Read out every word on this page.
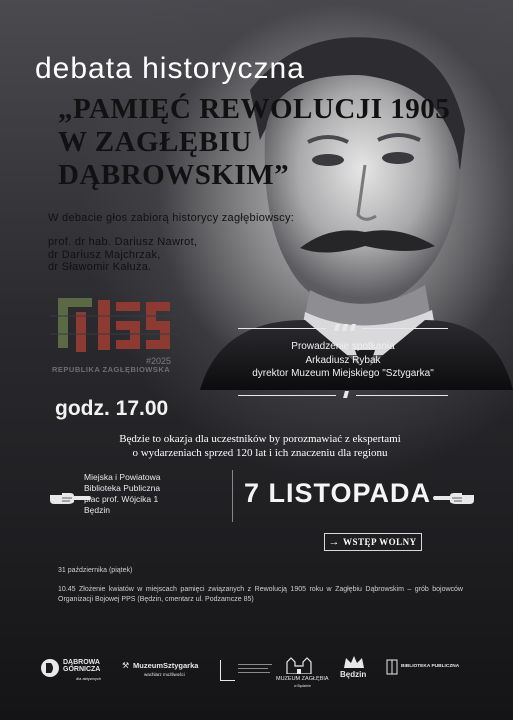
debata historyczna
„PAMIĘĆ REWOLUCJI 1905
W ZAGŁĘBIU DĄBROWSKIM”
W debacie głos zabiorą historycy zagłębiowscy:
prof. dr hab. Dariusz Nawrot,
dr Dariusz Majchrzak,
dr Sławomir Kałuża.
#2025
REPUBLIKA ZAGŁĘBIOWSKA
Prowadzenie spotkania
Arkadiusz Rybak
dyrektor Muzeum Miejskiego "Sztygarka"
godz. 17.00
Będzie to okazja dla uczestników by porozmawiać z ekspertami
o wydarzeniach sprzed 120 lat i ich znaczeniu dla regionu
Miejska i Powiatowa
Biblioteka Publiczna
plac prof. Wójcika 1
Będzin
7 LISTOPADA
→ WSTĘP WOLNY
31 października (piątek)
10.45 Złożenie kwiatów w miejscach pamięci związanych z Rewolucją 1905 roku w Zagłębiu Dąbrowskim – grób bojowców Organizacji Bojowej PPS (Będzin, cmentarz ul. Podzamcze 85)
DĄBROWA
GÓRNICZA
dla aktywnych
⚒ MuzeumSztygarka
wachlarz możliwości
MUZEUM ZAGŁĘBIA
w Będzinie
Będzin
BIBLIOTEKA PUBLICZNA
